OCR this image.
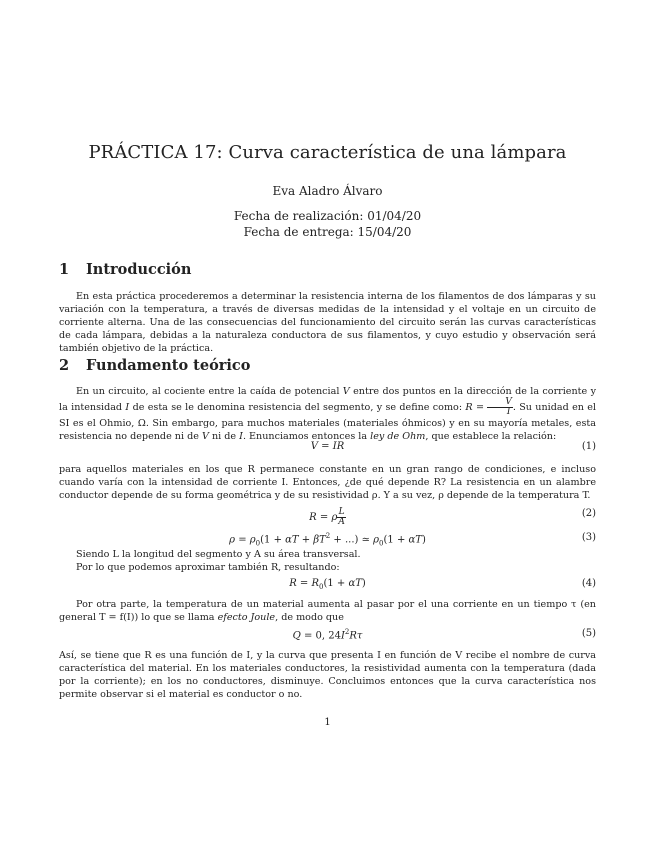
PRÁCTICA 17: Curva característica de una lámpara
Eva Aladro Álvaro
Fecha de realización: 01/04/20
Fecha de entrega: 15/04/20
1 Introducción
En esta práctica procederemos a determinar la resistencia interna de los filamentos de dos lámparas y su variación con la temperatura, a través de diversas medidas de la intensidad y el voltaje en un circuito de corriente alterna. Una de las consecuencias del funcionamiento del circuito serán las curvas características de cada lámpara, debidas a la naturaleza conductora de sus filamentos, y cuyo estudio y observación será también objetivo de la práctica.
2 Fundamento teórico
En un circuito, al cociente entre la caída de potencial V entre dos puntos en la dirección de la corriente y la intensidad I de esta se le denomina resistencia del segmento, y se define como: $R = \frac{V}{I}$ . Su unidad en el SI es el Ohmio, Ω. Sin embargo, para muchos materiales (materiales óhmicos) y en su mayoría metales, esta resistencia no depende ni de V ni de I. Enunciamos entonces la ley de Ohm, que establece la relación:
V = IR	(1)
para aquellos materiales en los que R permanece constante en un gran rango de condiciones, e incluso cuando varía con la intensidad de corriente I. Entonces, ¿de qué depende R? La resistencia en un alambre conductor depende de su forma geométrica y de su resistividad ρ. Y a su vez, ρ depende de la temperatura T.
R = ρ $\frac{L}{A}$	(2)
$\rho = \rho_0(1 + \alpha T + \beta T^2$ + ...) ≃ $\rho_0(1 + \alpha T)$	(3)
Siendo L la longitud del segmento y A su área transversal.
Por lo que podemos aproximar también R, resultando:
$R = R_0(1 + \alpha T)$	(4)
Por otra parte, la temperatura de un material aumenta al pasar por el una corriente en un tiempo τ (en general T = f(I)) lo que se llama efecto Joule, de modo que
Q = 0, $24I^2R\tau$	(5)
Así, se tiene que R es una función de I, y la curva que presenta I en función de V recibe el nombre de curva característica del material. En los materiales conductores, la resistividad aumenta con la temperatura (dada por la corriente); en los no conductores, disminuye. Concluimos entonces que la curva característica nos permite observar si el material es conductor o no.
1
